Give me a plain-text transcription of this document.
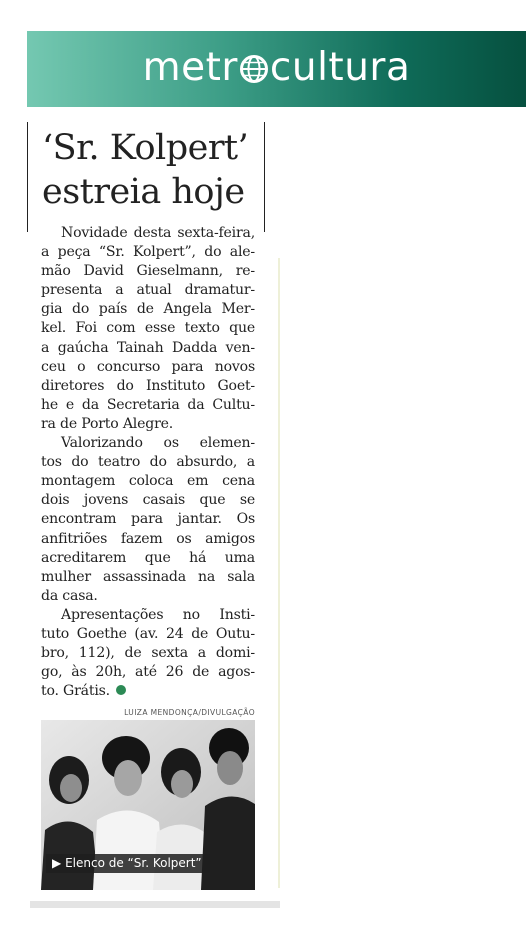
metr cultura
‘Sr. Kolpert’
estreia hoje
Novidade desta sexta-feira,
a peça “Sr. Kolpert”, do ale-
mão David Gieselmann, re-
presenta a atual dramatur-
gia do país de Angela Mer-
kel. Foi com esse texto que
a gaúcha Tainah Dadda ven-
ceu o concurso para novos
diretores do Instituto Goet-
he e da Secretaria da Cultu-
ra de Porto Alegre.
Valorizando os elemen-
tos do teatro do absurdo, a
montagem coloca em cena
dois jovens casais que se
encontram para jantar. Os
anfitriões fazem os amigos
acreditarem que há uma
mulher assassinada na sala
da casa.
Apresentações no Insti-
tuto Goethe (av. 24 de Outu-
bro, 112), de sexta a domi-
go, às 20h, até 26 de agos-
to. Grátis.
LUIZA MENDONÇA/DIVULGAÇÃO
▶ Elenco de “Sr. Kolpert”
